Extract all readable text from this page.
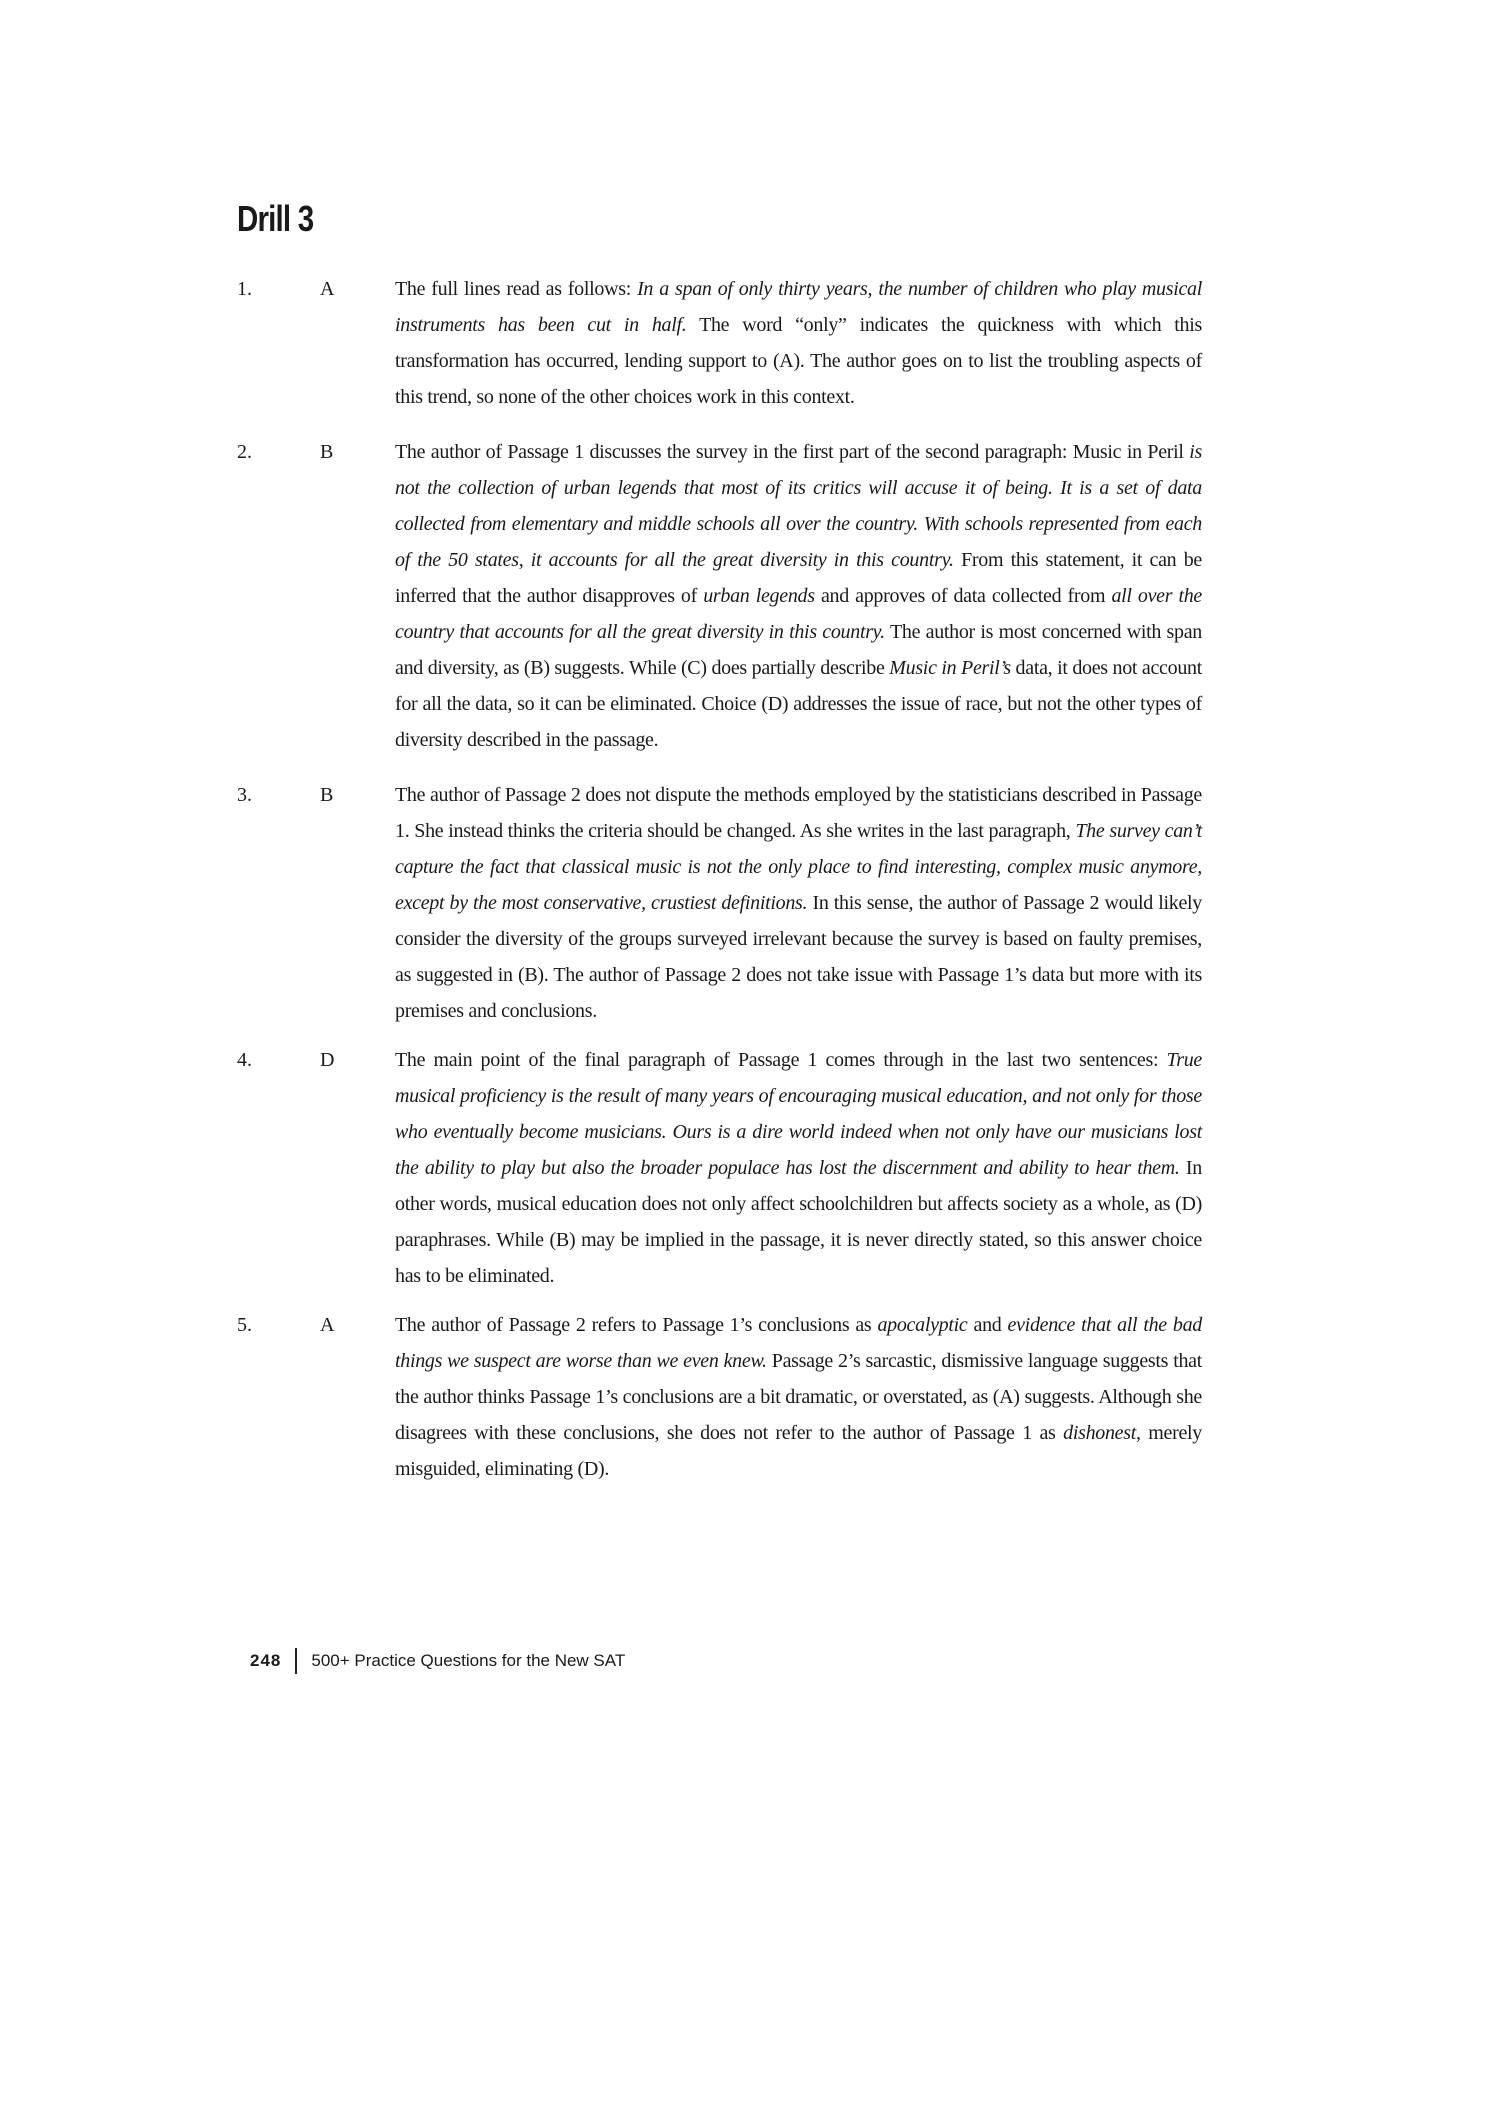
Drill 3
1.	A	The full lines read as follows: In a span of only thirty years, the number of children who play musical instruments has been cut in half. The word “only” indicates the quickness with which this transformation has occurred, lending support to (A). The author goes on to list the troubling aspects of this trend, so none of the other choices work in this context.
2.	B	The author of Passage 1 discusses the survey in the first part of the second paragraph: Music in Peril is not the collection of urban legends that most of its critics will accuse it of being. It is a set of data collected from elementary and middle schools all over the country. With schools represented from each of the 50 states, it accounts for all the great diversity in this country. From this statement, it can be inferred that the author disapproves of urban legends and approves of data collected from all over the country that accounts for all the great diversity in this country. The author is most concerned with span and diversity, as (B) suggests. While (C) does partially describe Music in Peril’s data, it does not account for all the data, so it can be eliminated. Choice (D) addresses the issue of race, but not the other types of diversity described in the passage.
3.	B	The author of Passage 2 does not dispute the methods employed by the statisticians described in Passage 1. She instead thinks the criteria should be changed. As she writes in the last paragraph, The survey can’t capture the fact that classical music is not the only place to find interesting, complex music anymore, except by the most conservative, crustiest definitions. In this sense, the author of Passage 2 would likely consider the diversity of the groups surveyed irrelevant because the survey is based on faulty premises, as suggested in (B). The author of Passage 2 does not take issue with Passage 1’s data but more with its premises and conclusions.
4.	D	The main point of the final paragraph of Passage 1 comes through in the last two sentences: True musical proficiency is the result of many years of encouraging musical education, and not only for those who eventually become musicians. Ours is a dire world indeed when not only have our musicians lost the ability to play but also the broader populace has lost the discernment and ability to hear them. In other words, musical education does not only affect schoolchildren but affects society as a whole, as (D) paraphrases. While (B) may be implied in the passage, it is never directly stated, so this answer choice has to be eliminated.
5.	A	The author of Passage 2 refers to Passage 1’s conclusions as apocalyptic and evidence that all the bad things we suspect are worse than we even knew. Passage 2’s sarcastic, dismissive language suggests that the author thinks Passage 1’s conclusions are a bit dramatic, or overstated, as (A) suggests. Although she disagrees with these conclusions, she does not refer to the author of Passage 1 as dishonest, merely misguided, eliminating (D).
248 500+ Practice Questions for the New SAT
